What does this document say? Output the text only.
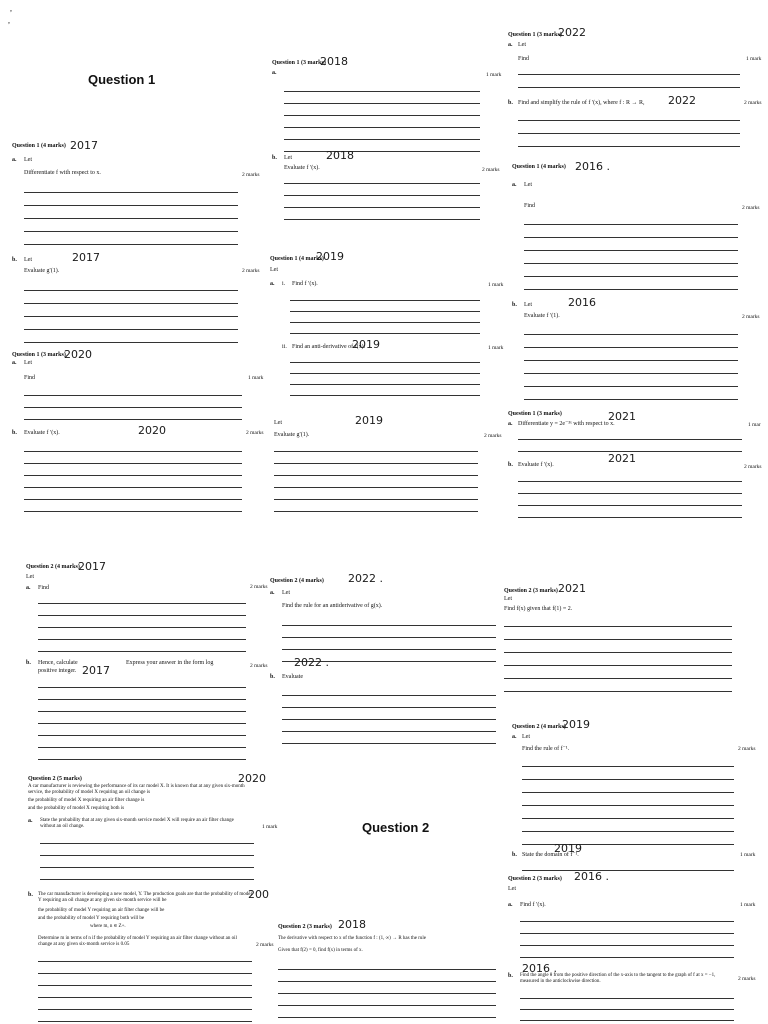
,
,
Question 1
Question 2
Question 1 (4 marks) 2017
a. Let
Differentiate f with respect to x.	2 marks
b. Let	2017
Evaluate g′(1).	2 marks
Question 1 (3 marks)
2020
a. Let
Find	1 mark
b. Evaluate f ′(x).	2020	2 marks
Question 1 (3 marks)
2018
a.	1 mark
b. Let	2018
Evaluate f ′(x).	2 marks
Question 1 (4 marks)
2019
Let
a. i. Find f ′(x).	1 mark
ii. Find an anti-derivative of f(x).
2019	1 mark
Let	2019
Evaluate g′(1).	2 marks
Question 1 (3 marks)
2022
a. Let
Find	1 mark
b. Find and simplify the rule of f ′(x), where f : R → R, 2022	2 marks
Question 1 (4 marks) 2016 .
a. Let
Find	2 marks
b. Let	2016
Evaluate f ′(1).	2 marks
Question 1 (3 marks)	2021
a. Differentiate y = 2e⁻³ˣ with respect to x.	1 mar
b. Evaluate f ′(x).	2021
2 marks
Question 2 (4 marks)
2017
Let
a. Find	2 marks
b. Hence, calculate	Express your answer in the form log
positive integer. 2017	2 marks
Question 2 (5 marks)	2020
A car manufacturer is reviewing the performance of its car model X. It is known that at any given six-month service, the probability of model X requiring an oil change is
the probability of model X requiring an air filter change is
and the probability of model X requiring both is
a. State the probability that at any given six-month service model X will require an air filter change without an oil change.	1 mark
b. The car manufacturer is developing a new model, Y. The production goals are that the probability of model Y requiring an oil change at any given six-month service will be	200
the probability of model Y requiring an air filter change will be
and the probability of model Y requiring both will be
where m, n ∈ Z+.
Determine m in terms of n if the probability of model Y requiring an air filter change without an oil change at any given six-month service is 0.05	2 marks
Question 2 (4 marks) 2022 .
a. Let
Find the rule for an antiderivative of g(x).
2022 .
b. Evaluate
Question 2 (3 marks) 2018
The derivative with respect to x of the function f : (1, ∞) → R has the rule
Given that f(2) = 0, find f(x) in terms of x.
Question 2 (3 marks) 2021
Let
Find f(x) given that f(1) = 2.
Question 2 (4 marks)
2019
a. Let
Find the rule of f⁻¹.	2 marks
2019
b. State the domain of f⁻¹.	1 mark
Question 2 (3 marks) 2016 .
Let
a. Find f ′(x).	1 mark
2016 .
b. Find the angle θ from the positive direction of the x-axis to the tangent to the graph of f at x = −1, measured in the anticlockwise direction.	2 marks
